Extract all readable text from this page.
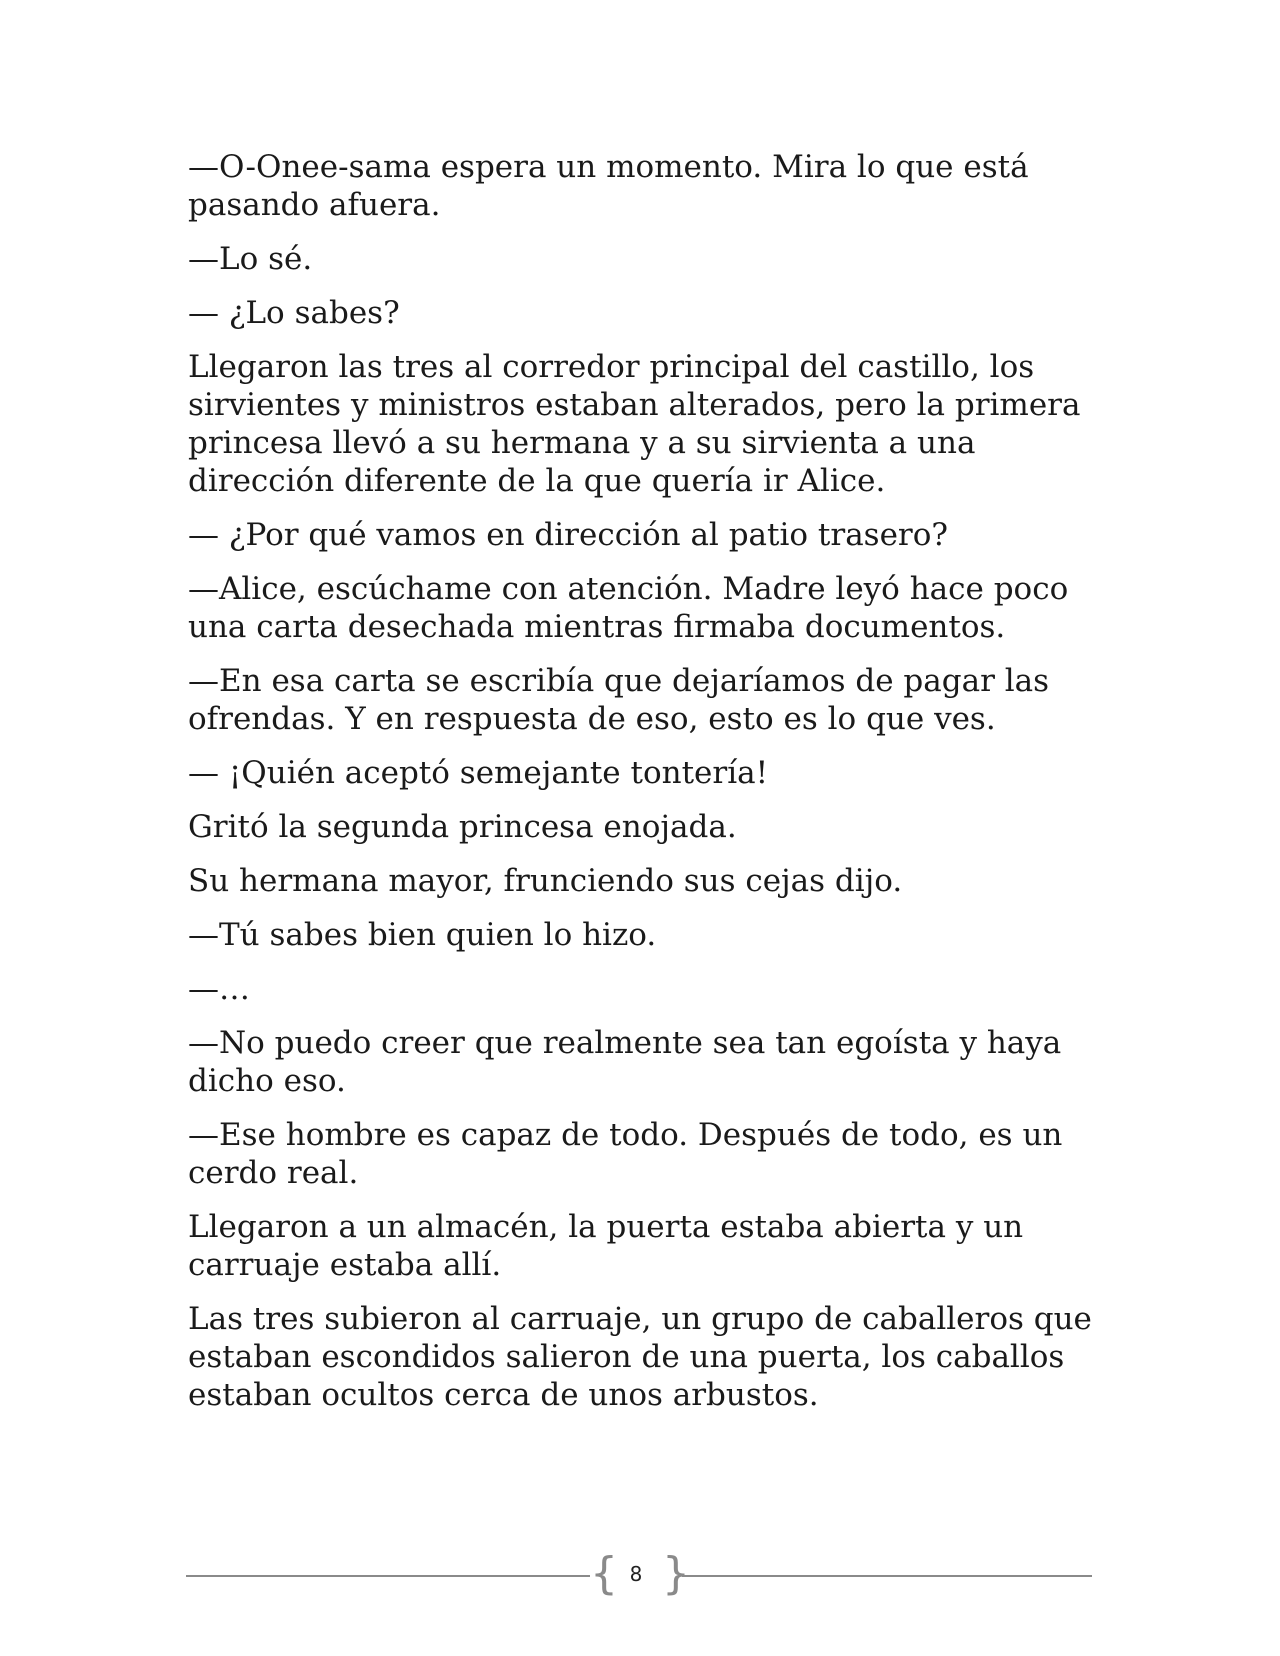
—O-Onee-sama espera un momento. Mira lo que está pasando afuera.

—Lo sé.

— ¿Lo sabes?

Llegaron las tres al corredor principal del castillo, los sirvientes y ministros estaban alterados, pero la primera princesa llevó a su hermana y a su sirvienta a una dirección diferente de la que quería ir Alice.

— ¿Por qué vamos en dirección al patio trasero?

—Alice, escúchame con atención. Madre leyó hace poco una carta desechada mientras firmaba documentos.

—En esa carta se escribía que dejaríamos de pagar las ofrendas. Y en respuesta de eso, esto es lo que ves.

— ¡Quién aceptó semejante tontería!

Gritó la segunda princesa enojada.

Su hermana mayor, frunciendo sus cejas dijo.

—Tú sabes bien quien lo hizo.

—…

—No puedo creer que realmente sea tan egoísta y haya dicho eso.

—Ese hombre es capaz de todo. Después de todo, es un cerdo real.

Llegaron a un almacén, la puerta estaba abierta y un carruaje estaba allí.

Las tres subieron al carruaje, un grupo de caballeros que estaban escondidos salieron de una puerta, los caballos estaban ocultos cerca de unos arbustos.

{ 8 }
